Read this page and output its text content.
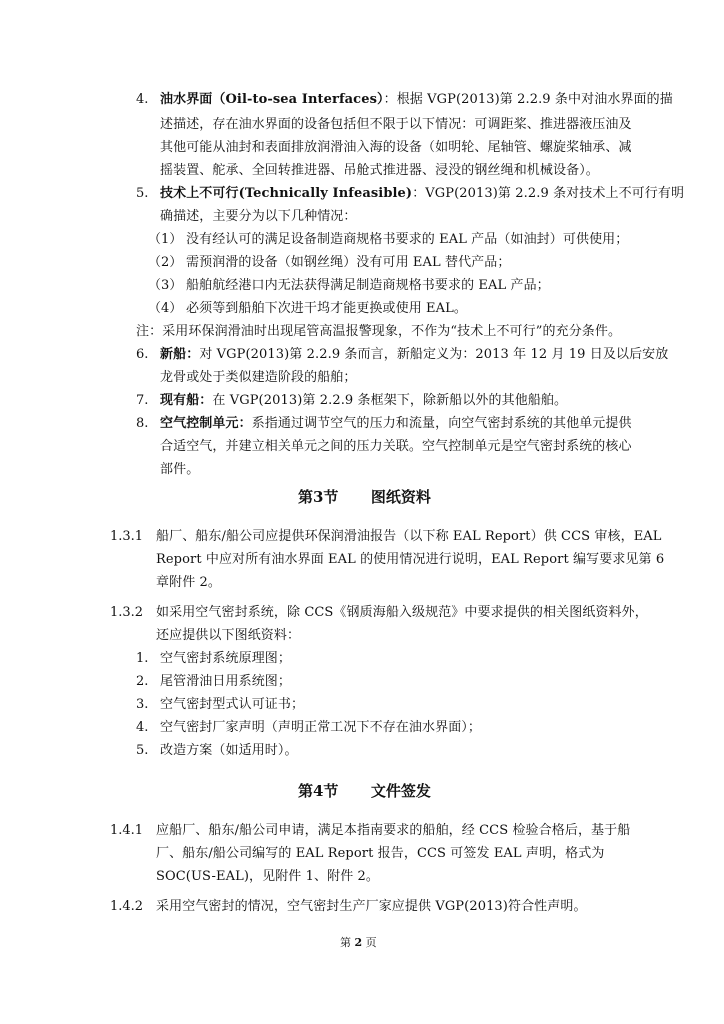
4. 油水界面（Oil-to-sea Interfaces）：根据 VGP(2013)第 2.2.9 条中对油水界面的描
述描述，存在油水界面的设备包括但不限于以下情况：可调距桨、推进器液压油及
其他可能从油封和表面排放润滑油入海的设备（如明轮、尾轴管、螺旋桨轴承、减
摇装置、舵承、全回转推进器、吊舱式推进器、浸没的钢丝绳和机械设备）。
5. 技术上不可行(Technically Infeasible)：VGP(2013)第 2.2.9 条对技术上不可行有明
确描述，主要分为以下几种情况：
（1） 没有经认可的满足设备制造商规格书要求的 EAL 产品（如油封）可供使用；
（2） 需预润滑的设备（如钢丝绳）没有可用 EAL 替代产品；
（3） 船舶航经港口内无法获得满足制造商规格书要求的 EAL 产品；
（4） 必须等到船舶下次进干坞才能更换或使用 EAL。
注：采用环保润滑油时出现尾管高温报警现象，不作为“技术上不可行”的充分条件。
6. 新船：对 VGP(2013)第 2.2.9 条而言，新船定义为：2013 年 12 月 19 日及以后安放
龙骨或处于类似建造阶段的船舶；
7. 现有船：在 VGP(2013)第 2.2.9 条框架下，除新船以外的其他船舶。
8. 空气控制单元：系指通过调节空气的压力和流量，向空气密封系统的其他单元提供
合适空气，并建立相关单元之间的压力关联。空气控制单元是空气密封系统的核心
部件。
第3节 图纸资料
1.3.1 船厂、船东/船公司应提供环保润滑油报告（以下称 EAL Report）供 CCS 审核，EAL
Report 中应对所有油水界面 EAL 的使用情况进行说明，EAL Report 编写要求见第 6
章附件 2。
1.3.2 如采用空气密封系统，除 CCS《钢质海船入级规范》中要求提供的相关图纸资料外，
还应提供以下图纸资料：
1. 空气密封系统原理图；
2. 尾管滑油日用系统图；
3. 空气密封型式认可证书；
4. 空气密封厂家声明（声明正常工况下不存在油水界面）；
5. 改造方案（如适用时）。
第4节 文件签发
1.4.1 应船厂、船东/船公司申请，满足本指南要求的船舶，经 CCS 检验合格后，基于船
厂、船东/船公司编写的 EAL Report 报告，CCS 可签发 EAL 声明，格式为
SOC(US-EAL)，见附件 1、附件 2。
1.4.2 采用空气密封的情况，空气密封生产厂家应提供 VGP(2013)符合性声明。
第 2 页
